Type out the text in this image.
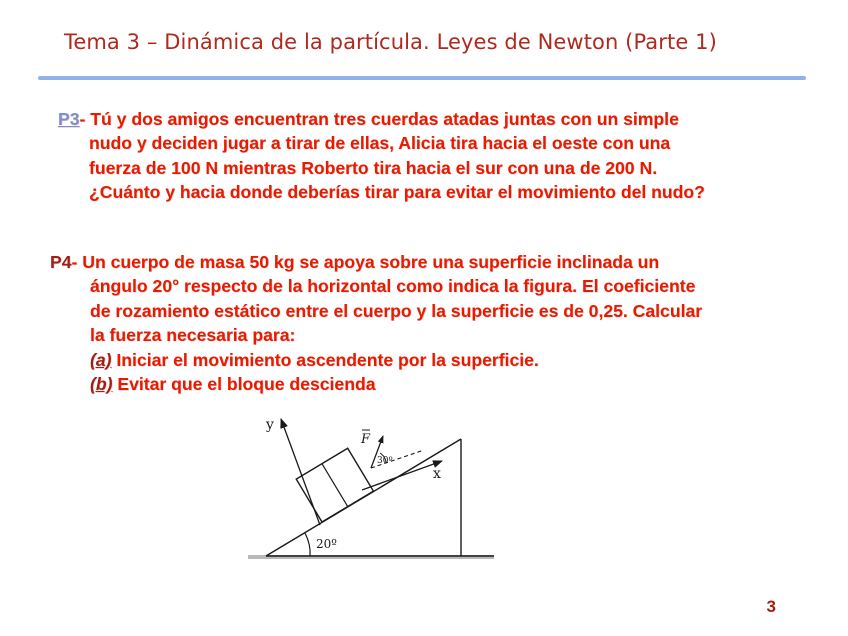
Tema 3 – Dinámica de la partícula. Leyes de Newton (Parte 1)
P3- Tú y dos amigos encuentran tres cuerdas atadas juntas con un simple
nudo y deciden jugar a tirar de ellas, Alicia tira hacia el oeste con una
fuerza de 100 N mientras Roberto tira hacia el sur con una de 200 N.
¿Cuánto y hacia donde deberías tirar para evitar el movimiento del nudo?
P4- Un cuerpo de masa 50 kg se apoya sobre una superficie inclinada un
ángulo 20° respecto de la horizontal como indica la figura. El coeficiente
de rozamiento estático entre el cuerpo y la superficie es de 0,25. Calcular
la fuerza necesaria para:
(a) Iniciar el movimiento ascendente por la superficie.
(b) Evitar que el bloque descienda
y
x
F
30º
20º
3
